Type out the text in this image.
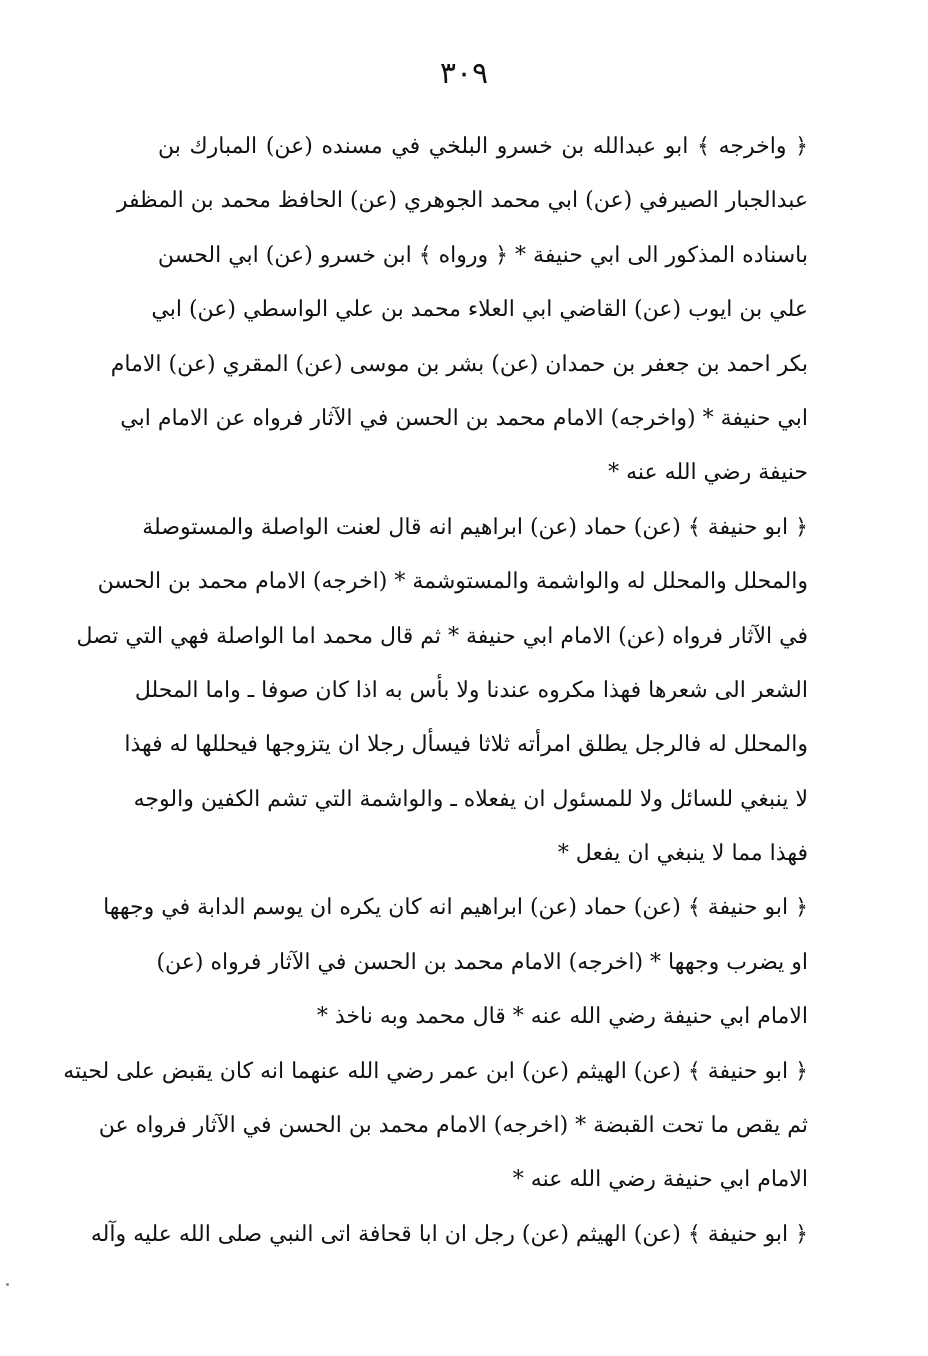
٣٠٩
﴿ واخرجه ﴾ ابو عبدالله بن خسرو البلخي في مسنده (عن) المبارك بن
عبدالجبار الصيرفي (عن) ابي محمد الجوهري (عن) الحافظ محمد بن المظفر
باسناده المذكور الى ابي حنيفة * ﴿ ورواه ﴾ ابن خسرو (عن) ابي الحسن
علي بن ايوب (عن) القاضي ابي العلاء محمد بن علي الواسطي (عن) ابي
بكر احمد بن جعفر بن حمدان (عن) بشر بن موسى (عن) المقري (عن) الامام
ابي حنيفة * (واخرجه) الامام محمد بن الحسن في الآثار فرواه عن الامام ابي
حنيفة رضي الله عنه *
﴿ ابو حنيفة ﴾ (عن) حماد (عن) ابراهيم انه قال لعنت الواصلة والمستوصلة
والمحلل والمحلل له والواشمة والمستوشمة * (اخرجه) الامام محمد بن الحسن
في الآثار فرواه (عن) الامام ابي حنيفة * ثم قال محمد اما الواصلة فهي التي تصل
الشعر الى شعرها فهذا مكروه عندنا ولا بأس به اذا كان صوفا ـ واما المحلل
والمحلل له فالرجل يطلق امرأته ثلاثا فيسأل رجلا ان يتزوجها فيحللها له فهذا
لا ينبغي للسائل ولا للمسئول ان يفعلاه ـ والواشمة التي تشم الكفين والوجه
فهذا مما لا ينبغي ان يفعل *
﴿ ابو حنيفة ﴾ (عن) حماد (عن) ابراهيم انه كان يكره ان يوسم الدابة في وجهها
او يضرب وجهها * (اخرجه) الامام محمد بن الحسن في الآثار فرواه (عن)
الامام ابي حنيفة رضي الله عنه * قال محمد وبه ناخذ *
﴿ ابو حنيفة ﴾ (عن) الهيثم (عن) ابن عمر رضي الله عنهما انه كان يقبض على لحيته
ثم يقص ما تحت القبضة * (اخرجه) الامام محمد بن الحسن في الآثار فرواه عن
الامام ابي حنيفة رضي الله عنه *
﴿ ابو حنيفة ﴾ (عن) الهيثم (عن) رجل ان ابا قحافة اتى النبي صلى الله عليه وآله
